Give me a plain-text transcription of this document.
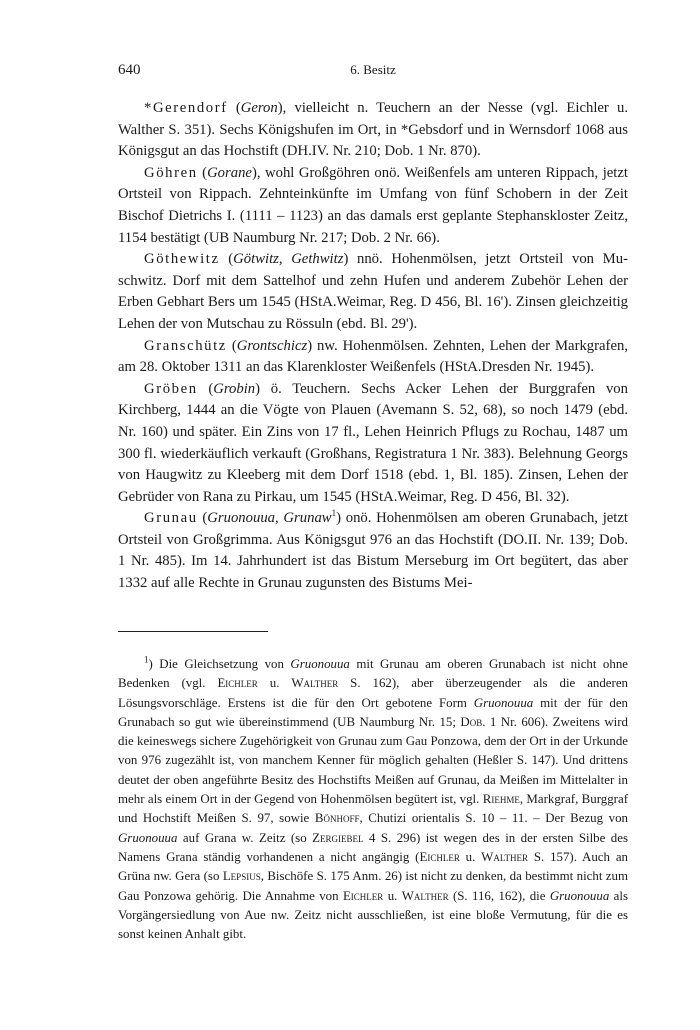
640	6. Besitz

*Gerendorf (Geron), vielleicht n. Teuchern an der Nesse (vgl. Eichler u. Walther S. 351). Sechs Königshufen im Ort, in *Gebsdorf und in Wernsdorf 1068 aus Königsgut an das Hochstift (DH.IV. Nr. 210; Dob. 1 Nr. 870).

Göhren (Gorane), wohl Großgöhren onö. Weißenfels am unteren Rippach, jetzt Ortsteil von Rippach. Zehnteinkünfte im Umfang von fünf Schobern in der Zeit Bischof Dietrichs I. (1111 – 1123) an das damals erst geplante Stephanskloster Zeitz, 1154 bestätigt (UB Naumburg Nr. 217; Dob. 2 Nr. 66).

Göthewitz (Götwitz, Gethwitz) nnö. Hohenmölsen, jetzt Ortsteil von Muschwitz. Dorf mit dem Sattelhof und zehn Hufen und anderem Zubehör Lehen der Erben Gebhart Bers um 1545 (HStA.Weimar, Reg. D 456, Bl. 16'). Zinsen gleichzeitig Lehen der von Mutschau zu Rössuln (ebd. Bl. 29').

Granschütz (Grontschicz) nw. Hohenmölsen. Zehnten, Lehen der Markgrafen, am 28. Oktober 1311 an das Klarenkloster Weißenfels (HStA.Dresden Nr. 1945).

Gröben (Grobin) ö. Teuchern. Sechs Acker Lehen der Burggrafen von Kirchberg, 1444 an die Vögte von Plauen (Avemann S. 52, 68), so noch 1479 (ebd. Nr. 160) und später. Ein Zins von 17 fl., Lehen Heinrich Pflugs zu Rochau, 1487 um 300 fl. wiederkäuflich verkauft (Großhans, Registratura 1 Nr. 383). Belehnung Georgs von Haugwitz zu Kleeberg mit dem Dorf 1518 (ebd. 1, Bl. 185). Zinsen, Lehen der Gebrüder von Rana zu Pirkau, um 1545 (HStA.Weimar, Reg. D 456, Bl. 32).

Grunau (Gruonouua, Grunaw$^1$) onö. Hohenmölsen am oberen Grunabach, jetzt Ortsteil von Großgrimma. Aus Königsgut 976 an das Hochstift (DO.II. Nr. 139; Dob. 1 Nr. 485). Im 14. Jahrhundert ist das Bistum Merseburg im Ort begütert, das aber 1332 auf alle Rechte in Grunau zugunsten des Bistums Mei-

$^1$) Die Gleichsetzung von Gruonouua mit Grunau am oberen Grunabach ist nicht ohne Bedenken (vgl. Eichler u. Walther S. 162), aber überzeugender als die anderen Lösungsvorschläge. Erstens ist die für den Ort gebotene Form Gruonouua mit der für den Grunabach so gut wie übereinstimmend (UB Naumburg Nr. 15; Dob. 1 Nr. 606). Zweitens wird die keineswegs sichere Zugehörigkeit von Grunau zum Gau Ponzowa, dem der Ort in der Urkunde von 976 zugezählt ist, von manchem Kenner für möglich gehalten (Heßler S. 147). Und drittens deutet der oben angeführte Besitz des Hochstifts Meißen auf Grunau, da Meißen im Mittelalter in mehr als einem Ort in der Gegend von Hohenmölsen begütert ist, vgl. Riehme, Markgraf, Burggraf und Hochstift Meißen S. 97, sowie Bönhoff, Chutizi orientalis S. 10 – 11. – Der Bezug von Gruonouua auf Grana w. Zeitz (so Zergiebel 4 S. 296) ist wegen des in der ersten Silbe des Namens Grana ständig vorhandenen a nicht angängig (Eichler u. Walther S. 157). Auch an Grüna nw. Gera (so Lepsius, Bischöfe S. 175 Anm. 26) ist nicht zu denken, da bestimmt nicht zum Gau Ponzowa gehörig. Die Annahme von Eichler u. Walther (S. 116, 162), die Gruonouua als Vorgängersiedlung von Aue nw. Zeitz nicht ausschließen, ist eine bloße Vermutung, für die es sonst keinen Anhalt gibt.
